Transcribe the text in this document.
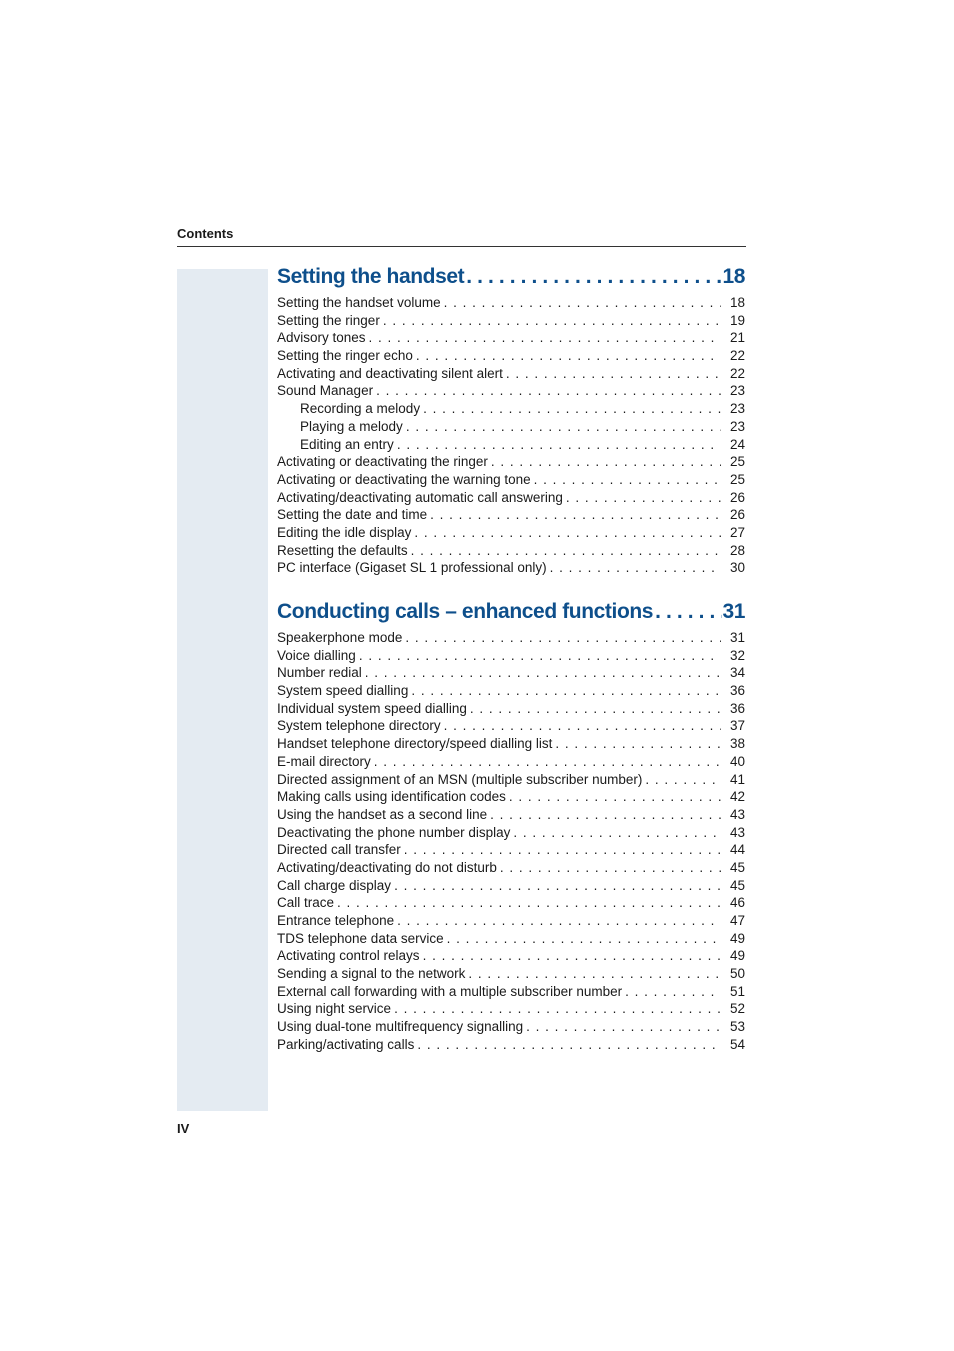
Contents
Setting the handset . . .	18
Setting the handset volume . . .	18
Setting the ringer . . .	19
Advisory tones . . .	21
Setting the ringer echo . . .	22
Activating and deactivating silent alert . . .	22
Sound Manager . . .	23
Recording a melody . . .	23
Playing a melody . . .	23
Editing an entry . . .	24
Activating or deactivating the ringer . . .	25
Activating or deactivating the warning tone . . .	25
Activating/deactivating automatic call answering . . .	26
Setting the date and time . . .	26
Editing the idle display . . .	27
Resetting the defaults . . .	28
PC interface (Gigaset SL 1 professional only) . . .	30
Conducting calls – enhanced functions . . .	31
Speakerphone mode . . .	31
Voice dialling . . .	32
Number redial . . .	34
System speed dialling . . .	36
Individual system speed dialling . . .	36
System telephone directory . . .	37
Handset telephone directory/speed dialling list . . .	38
E-mail directory . . .	40
Directed assignment of an MSN (multiple subscriber number) . . .	41
Making calls using identification codes . . .	42
Using the handset as a second line . . .	43
Deactivating the phone number display . . .	43
Directed call transfer . . .	44
Activating/deactivating do not disturb . . .	45
Call charge display . . .	45
Call trace . . .	46
Entrance telephone . . .	47
TDS telephone data service . . .	49
Activating control relays . . .	49
Sending a signal to the network . . .	50
External call forwarding with a multiple subscriber number . . .	51
Using night service . . .	52
Using dual-tone multifrequency signalling . . .	53
Parking/activating calls . . .	54
IV
